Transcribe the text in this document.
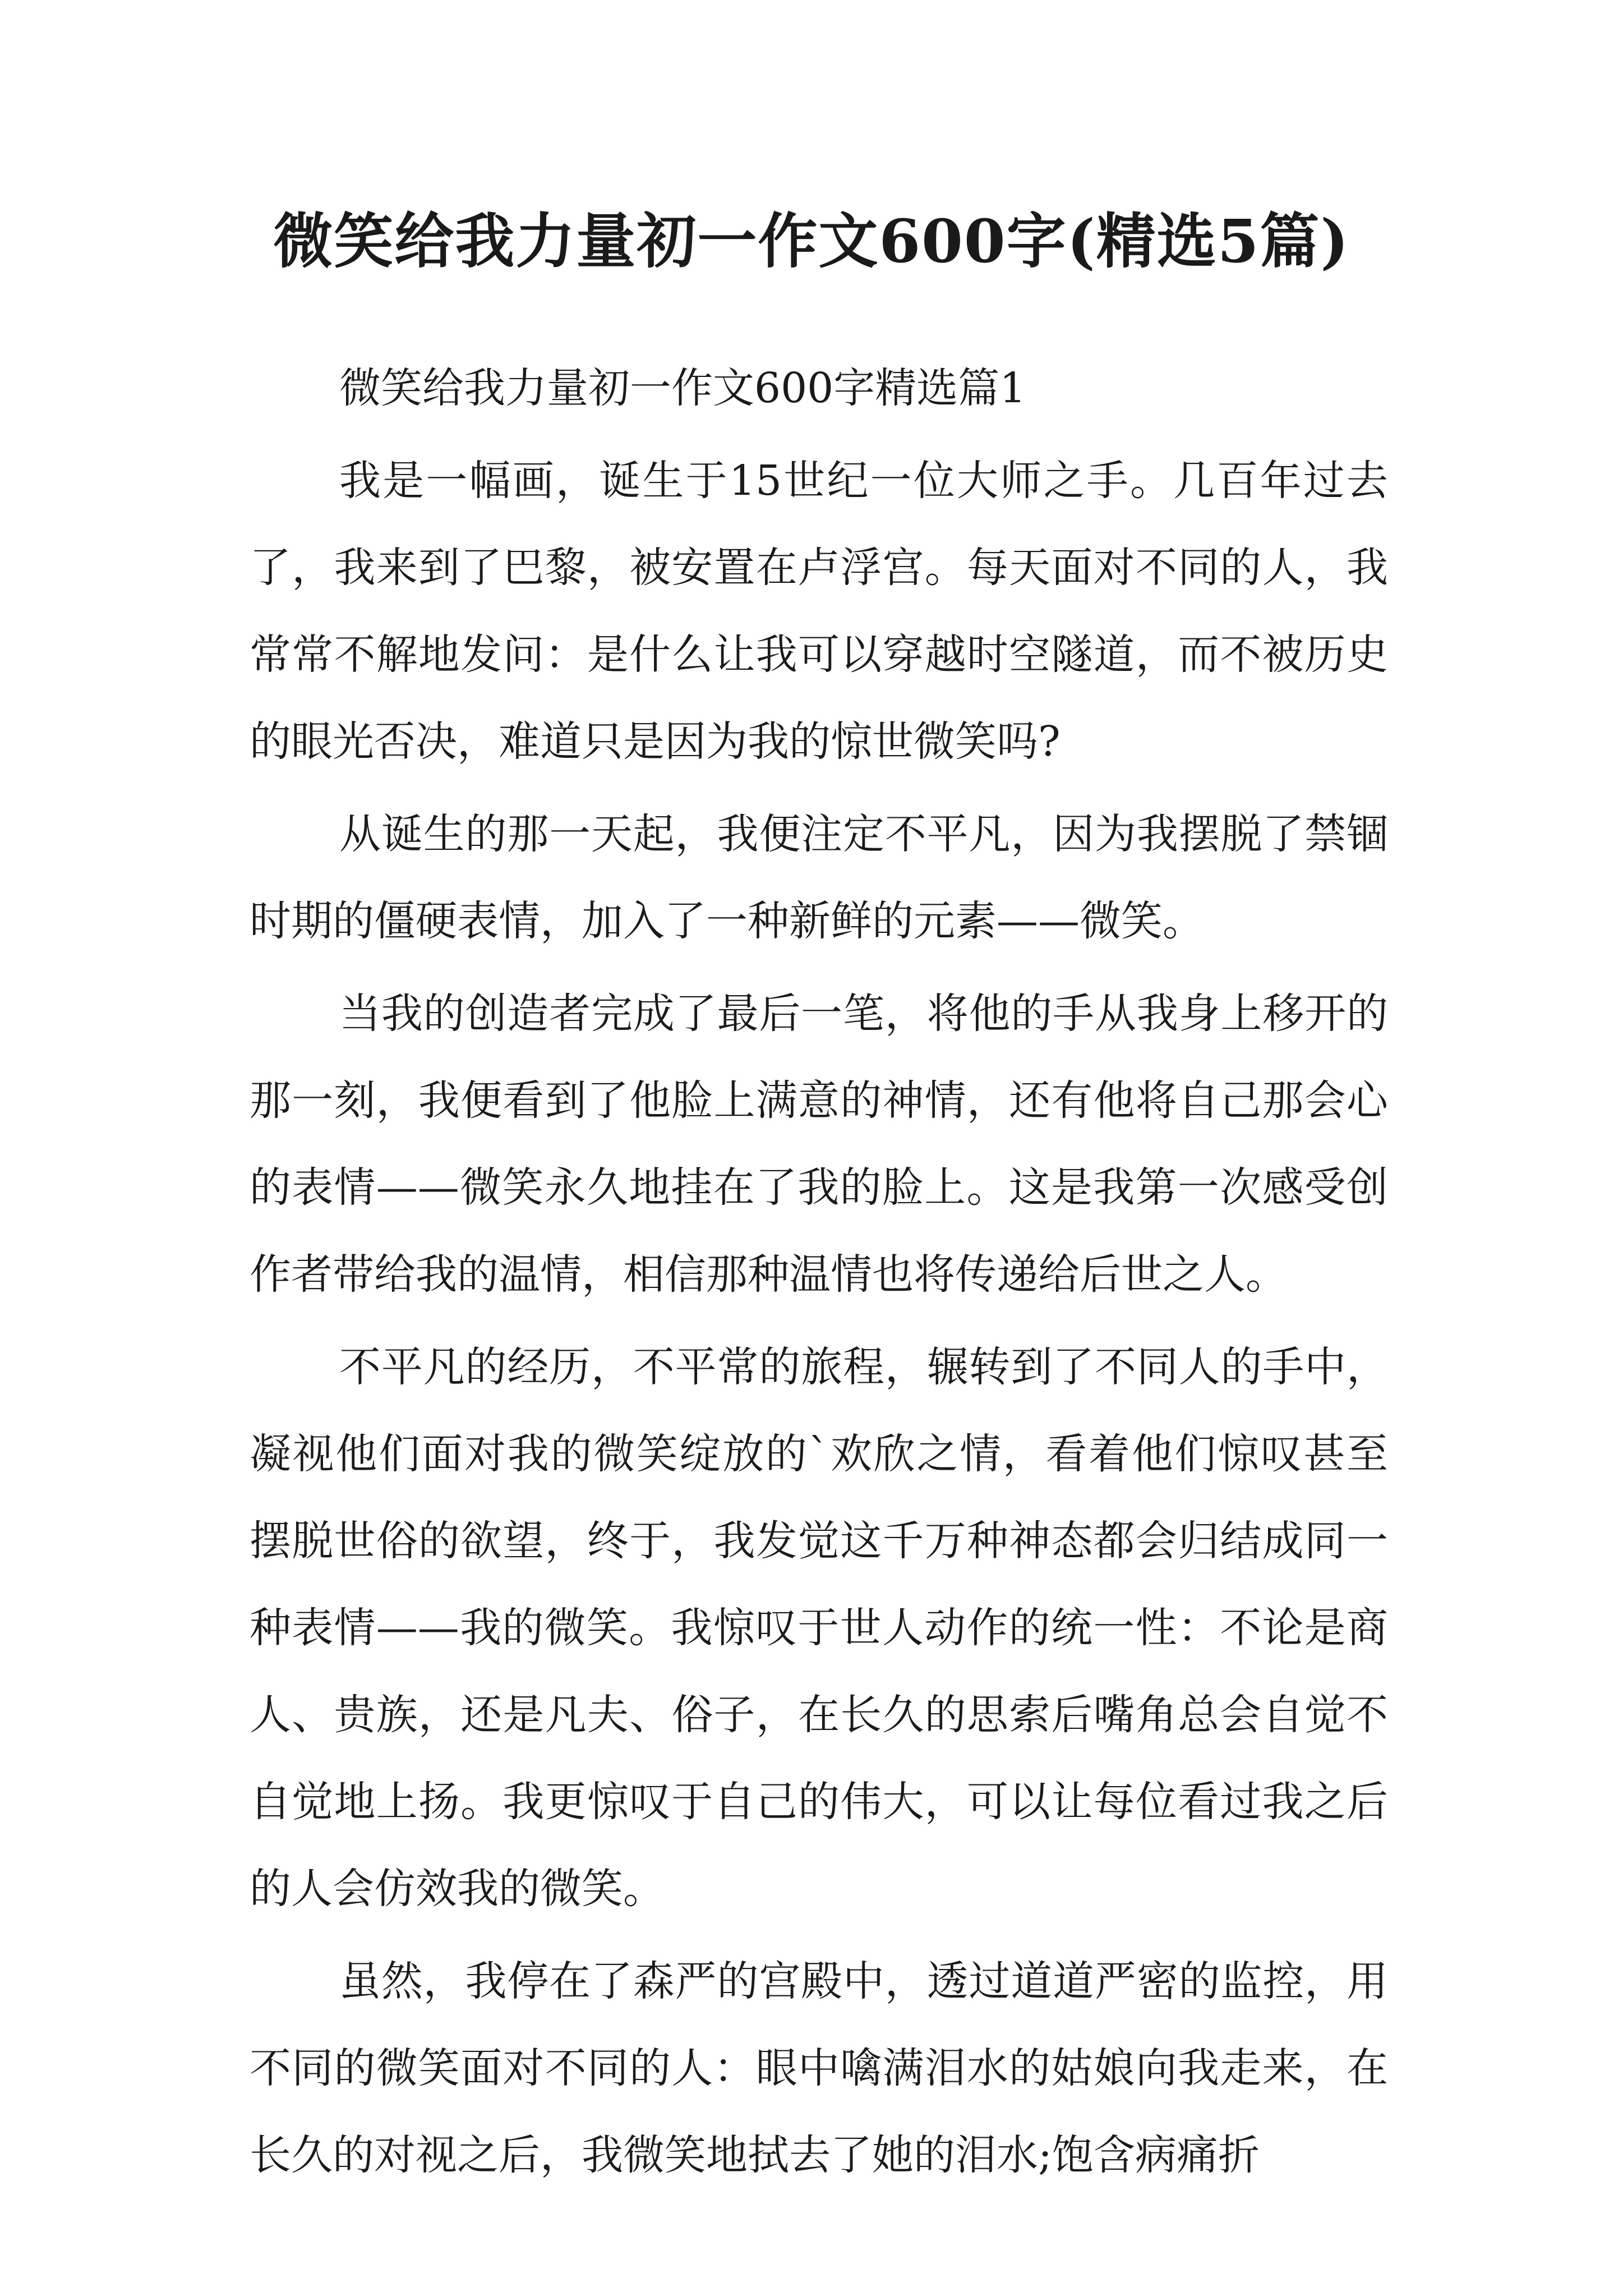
微笑给我力量初一作文600字(精选5篇)

微笑给我力量初一作文600字精选篇1

我是一幅画，诞生于15世纪一位大师之手。几百年过去了，我来到了巴黎，被安置在卢浮宫。每天面对不同的人，我常常不解地发问：是什么让我可以穿越时空隧道，而不被历史的眼光否决，难道只是因为我的惊世微笑吗?

从诞生的那一天起，我便注定不平凡，因为我摆脱了禁锢时期的僵硬表情，加入了一种新鲜的元素——微笑。

当我的创造者完成了最后一笔，将他的手从我身上移开的那一刻，我便看到了他脸上满意的神情，还有他将自己那会心的表情——微笑永久地挂在了我的脸上。这是我第一次感受创作者带给我的温情，相信那种温情也将传递给后世之人。

不平凡的经历，不平常的旅程，辗转到了不同人的手中，凝视他们面对我的微笑绽放的`欢欣之情，看着他们惊叹甚至摆脱世俗的欲望，终于，我发觉这千万种神态都会归结成同一种表情——我的微笑。我惊叹于世人动作的统一性：不论是商人、贵族，还是凡夫、俗子，在长久的思索后嘴角总会自觉不自觉地上扬。我更惊叹于自己的伟大，可以让每位看过我之后的人会仿效我的微笑。

虽然，我停在了森严的宫殿中，透过道道严密的监控，用不同的微笑面对不同的人：眼中噙满泪水的姑娘向我走来，在长久的对视之后，我微笑地拭去了她的泪水;饱含病痛折
